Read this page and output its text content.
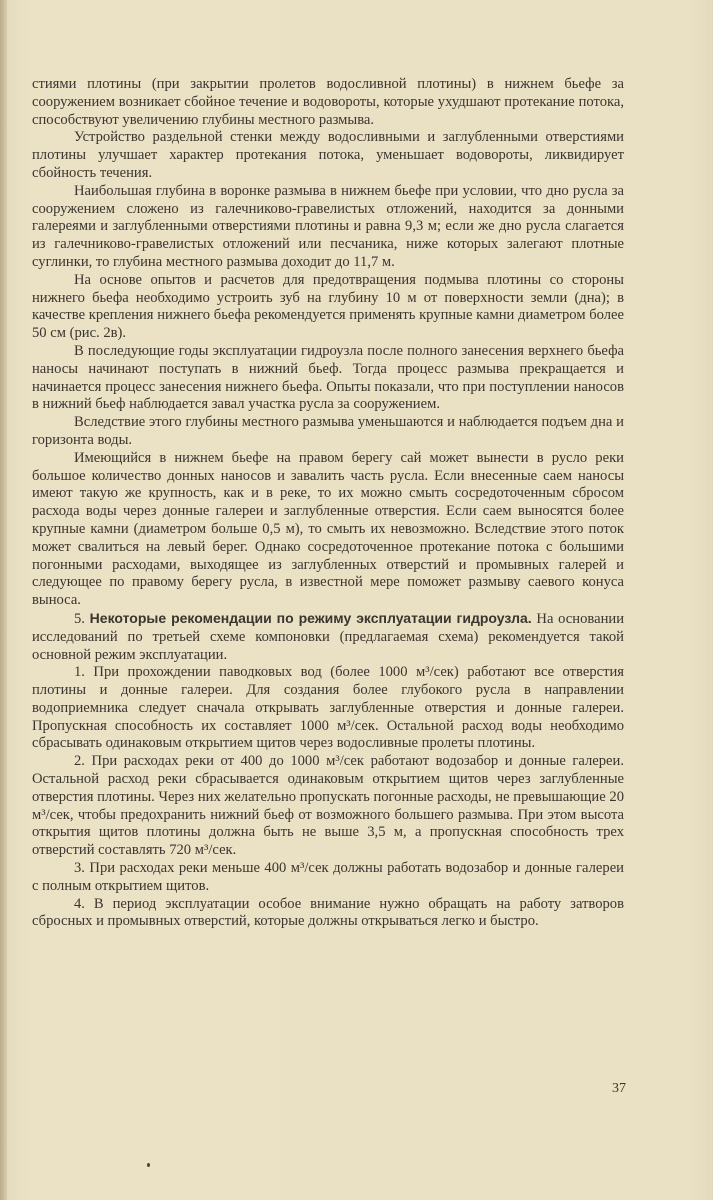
стиями плотины (при закрытии пролетов водосливной плотины) в нижнем бьефе за сооружением возникает сбойное течение и водовороты, которые ухудшают протекание потока, способствуют увеличению глубины местного размыва.

Устройство раздельной стенки между водосливными и заглубленными отверстиями плотины улучшает характер протекания потока, уменьшает водовороты, ликвидирует сбойность течения.

Наибольшая глубина в воронке размыва в нижнем бьефе при условии, что дно русла за сооружением сложено из галечниково-гравелистых отложений, находится за донными галереями и заглубленными отверстиями плотины и равна 9,3 м; если же дно русла слагается из галечниково-гравелистых отложений или песчаника, ниже которых залегают плотные суглинки, то глубина местного размыва доходит до 11,7 м.

На основе опытов и расчетов для предотвращения подмыва плотины со стороны нижнего бьефа необходимо устроить зуб на глубину 10 м от поверхности земли (дна); в качестве крепления нижнего бьефа рекомендуется применять крупные камни диаметром более 50 см (рис. 2в).

В последующие годы эксплуатации гидроузла после полного занесения верхнего бьефа наносы начинают поступать в нижний бьеф. Тогда процесс размыва прекращается и начинается процесс занесения нижнего бьефа. Опыты показали, что при поступлении наносов в нижний бьеф наблюдается завал участка русла за сооружением.

Вследствие этого глубины местного размыва уменьшаются и наблюдается подъем дна и горизонта воды.

Имеющийся в нижнем бьефе на правом берегу сай может вынести в русло реки большое количество донных наносов и завалить часть русла. Если внесенные саем наносы имеют такую же крупность, как и в реке, то их можно смыть сосредоточенным сбросом расхода воды через донные галереи и заглубленные отверстия. Если саем выносятся более крупные камни (диаметром больше 0,5 м), то смыть их невозможно. Вследствие этого поток может свалиться на левый берег. Однако сосредоточенное протекание потока с большими погонными расходами, выходящее из заглубленных отверстий и промывных галерей и следующее по правому берегу русла, в известной мере поможет размыву саевого конуса выноса.

5. Некоторые рекомендации по режиму эксплуатации гидроузла. На основании исследований по третьей схеме компоновки (предлагаемая схема) рекомендуется такой основной режим эксплуатации.

1. При прохождении паводковых вод (более 1000 м³/сек) работают все отверстия плотины и донные галереи. Для создания более глубокого русла в направлении водоприемника следует сначала открывать заглубленные отверстия и донные галереи. Пропускная способность их составляет 1000 м³/сек. Остальной расход воды необходимо сбрасывать одинаковым открытием щитов через водосливные пролеты плотины.

2. При расходах реки от 400 до 1000 м³/сек работают водозабор и донные галереи. Остальной расход реки сбрасывается одинаковым открытием щитов через заглубленные отверстия плотины. Через них желательно пропускать погонные расходы, не превышающие 20 м³/сек, чтобы предохранить нижний бьеф от возможного большего размыва. При этом высота открытия щитов плотины должна быть не выше 3,5 м, а пропускная способность трех отверстий составлять 720 м³/сек.

3. При расходах реки меньше 400 м³/сек должны работать водозабор и донные галереи с полным открытием щитов.

4. В период эксплуатации особое внимание нужно обращать на работу затворов сбросных и промывных отверстий, которые должны открываться легко и быстро.

37
